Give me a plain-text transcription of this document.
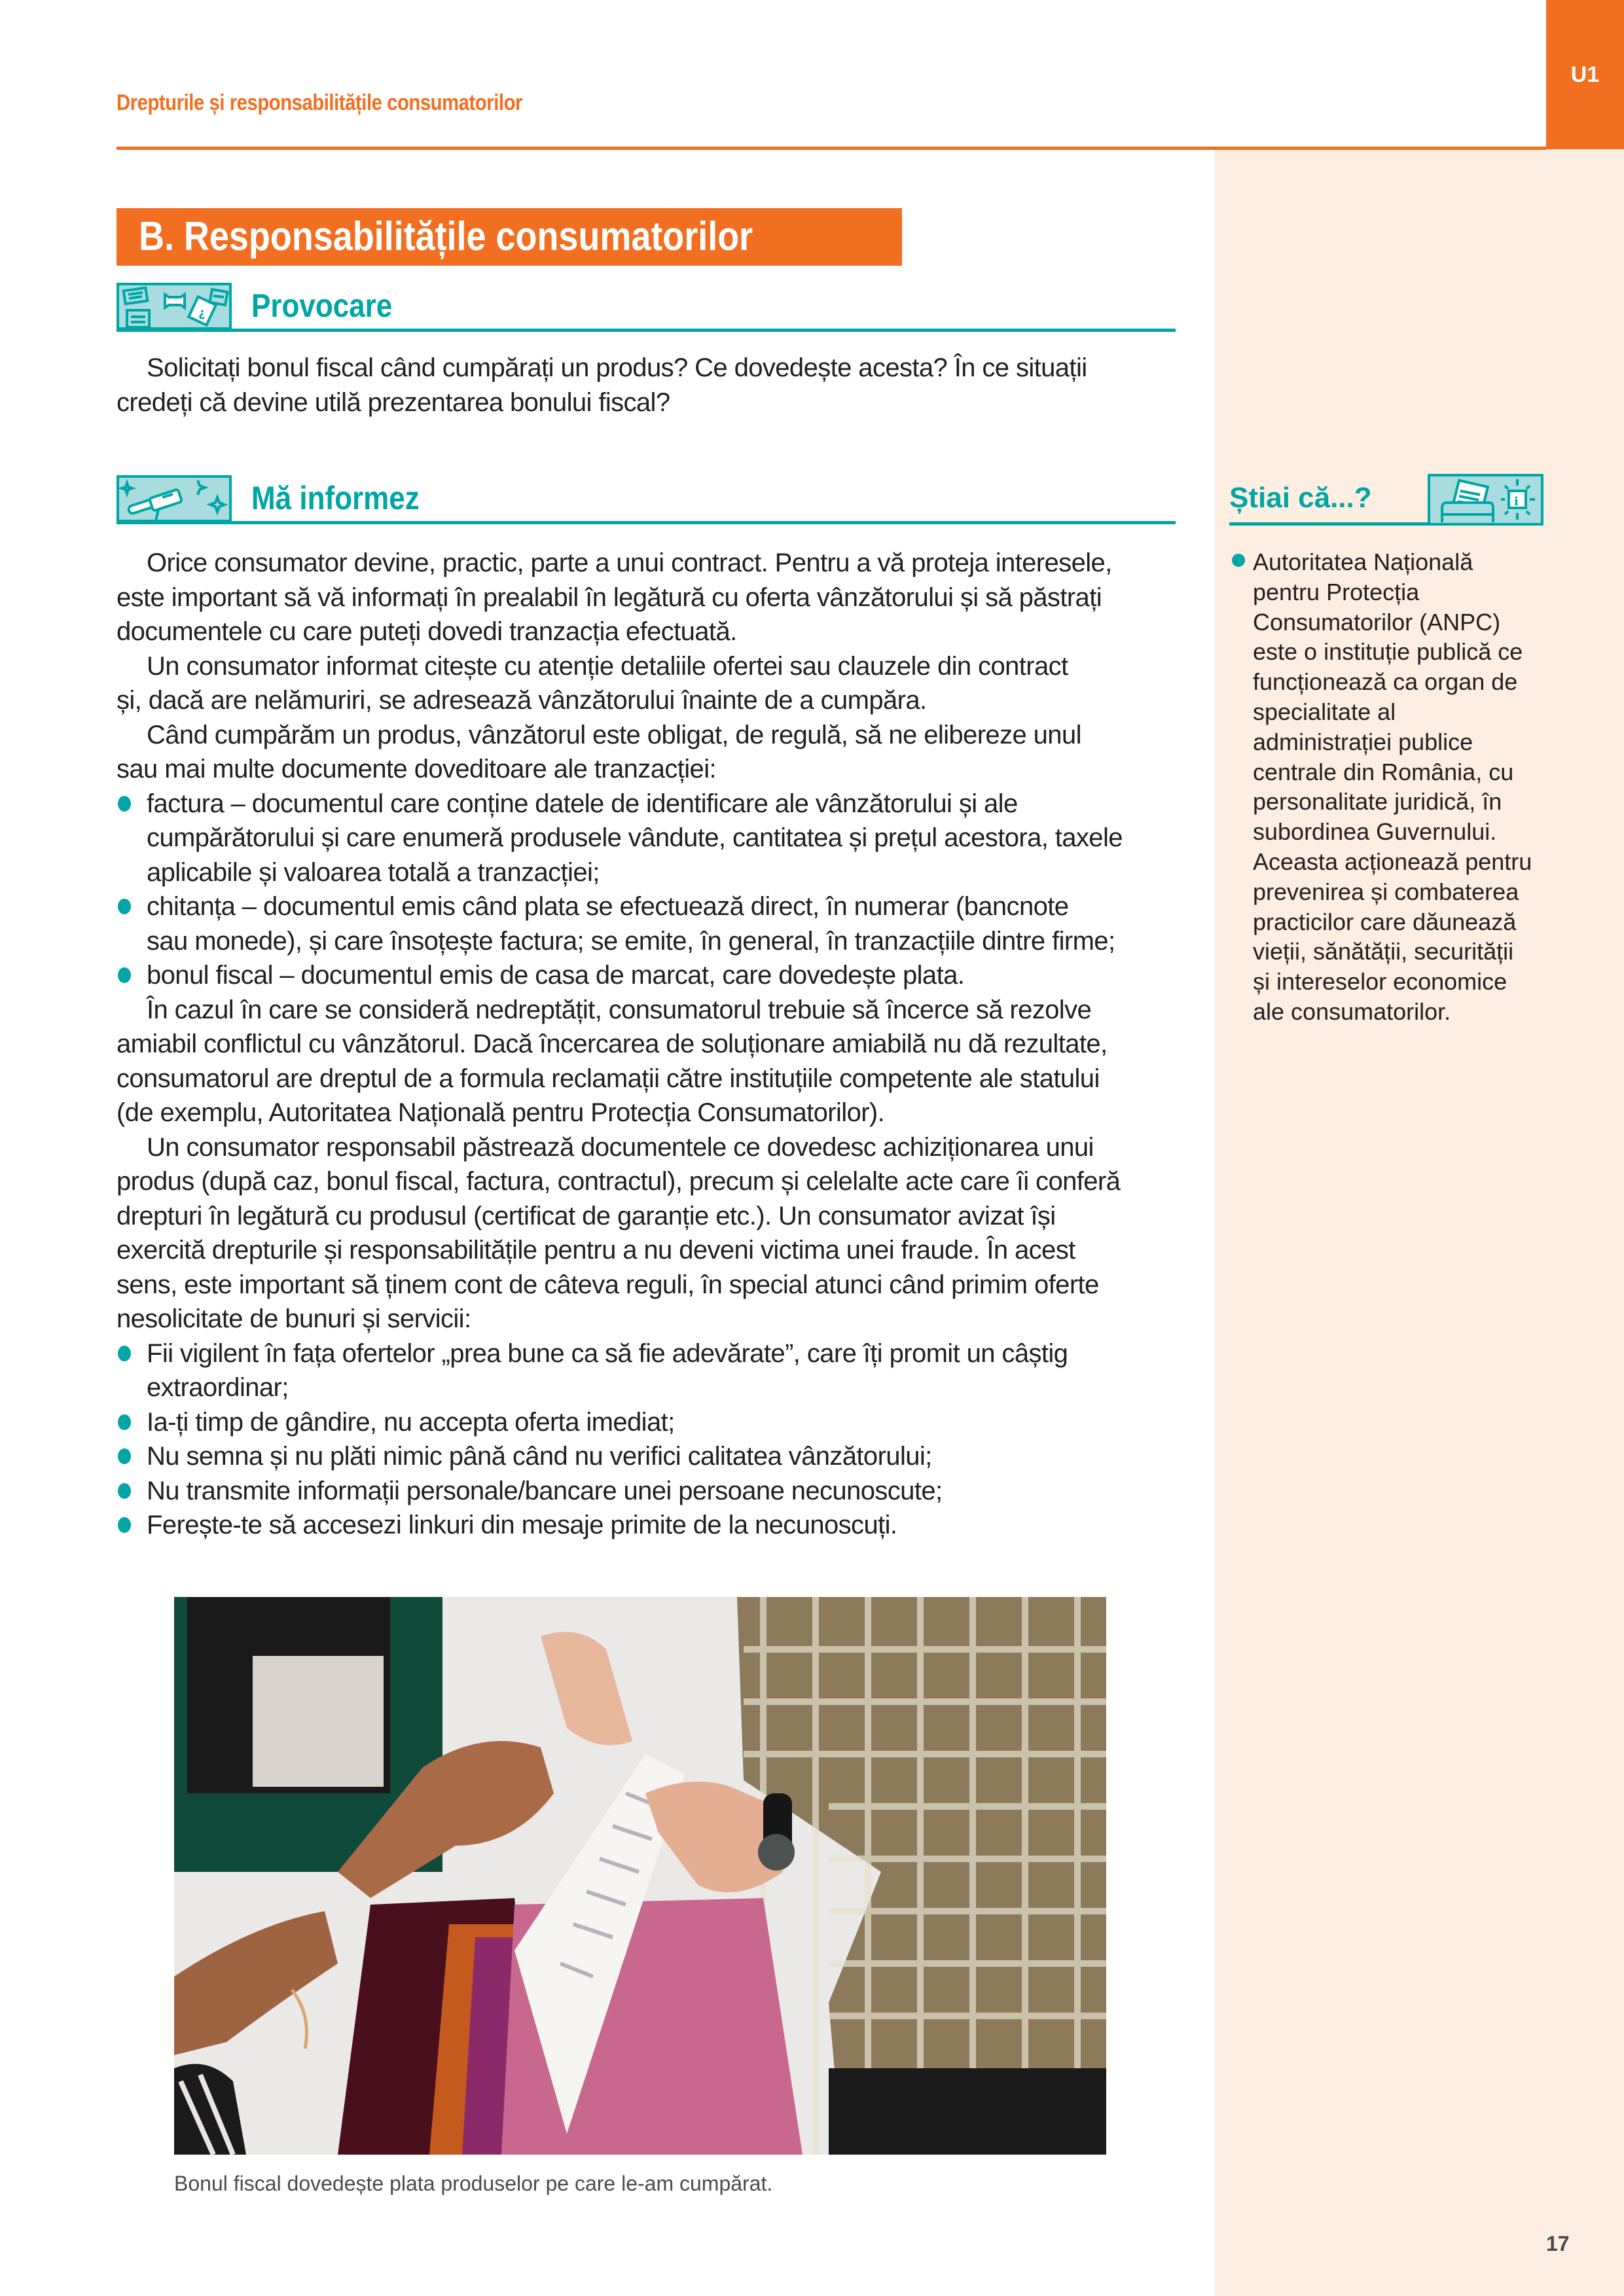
U1
Drepturile și responsabilitățile consumatorilor
B. Responsabilitățile consumatorilor
¿ Provocare

Solicitați bonul fiscal când cumpărați un produs? Ce dovedește acesta? În ce situații

credeți că devine utilă prezentarea bonului fiscal?

Mă informez

Orice consumator devine, practic, parte a unui contract. Pentru a vă proteja interesele,

este important să vă informați în prealabil în legătură cu oferta vânzătorului și să păstrați

documentele cu care puteți dovedi tranzacția efectuată.

Un consumator informat citește cu atenție detaliile ofertei sau clauzele din contract

și, dacă are nelămuriri, se adresează vânzătorului înainte de a cumpăra.

Când cumpărăm un produs, vânzătorul este obligat, de regulă, să ne elibereze unul

sau mai multe documente doveditoare ale tranzacției:

factura – documentul care conține datele de identificare ale vânzătorului și ale
cumpărătorului și care enumeră produsele vândute, cantitatea și prețul acestora, taxele
aplicabile și valoarea totală a tranzacției;
chitanța – documentul emis când plata se efectuează direct, în numerar (bancnote
sau monede), și care însoțește factura; se emite, în general, în tranzacțiile dintre firme;
bonul fiscal – documentul emis de casa de marcat, care dovedește plata.

În cazul în care se consideră nedreptățit, consumatorul trebuie să încerce să rezolve

amiabil conflictul cu vânzătorul. Dacă încercarea de soluționare amiabilă nu dă rezultate,

consumatorul are dreptul de a formula reclamații către instituțiile competente ale statului

(de exemplu, Autoritatea Națională pentru Protecția Consumatorilor).

Un consumator responsabil păstrează documentele ce dovedesc achiziționarea unui

produs (după caz, bonul fiscal, factura, contractul), precum și celelalte acte care îi conferă

drepturi în legătură cu produsul (certificat de garanție etc.). Un consumator avizat își

exercită drepturile și responsabilitățile pentru a nu deveni victima unei fraude. În acest

sens, este important să ținem cont de câteva reguli, în special atunci când primim oferte

nesolicitate de bunuri și servicii:

Fii vigilent în fața ofertelor „prea bune ca să fie adevărate”, care îți promit un câștig
extraordinar;
Ia-ți timp de gândire, nu accepta oferta imediat;
Nu semna și nu plăti nimic până când nu verifici calitatea vânzătorului;
Nu transmite informații personale/bancare unei persoane necunoscute;
Ferește-te să accesezi linkuri din mesaje primite de la necunoscuți.
Bonul fiscal dovedește plata produselor pe care le-am cumpărat.
Știai că...?	i
Autoritatea Națională
pentru Protecția
Consumatorilor (ANPC)
este o instituție publică ce
funcționează ca organ de
specialitate al
administrației publice
centrale din România, cu
personalitate juridică, în
subordinea Guvernului.
Aceasta acționează pentru
prevenirea și combaterea
practicilor care dăunează
vieții, sănătății, securității
și intereselor economice
ale consumatorilor.
17
